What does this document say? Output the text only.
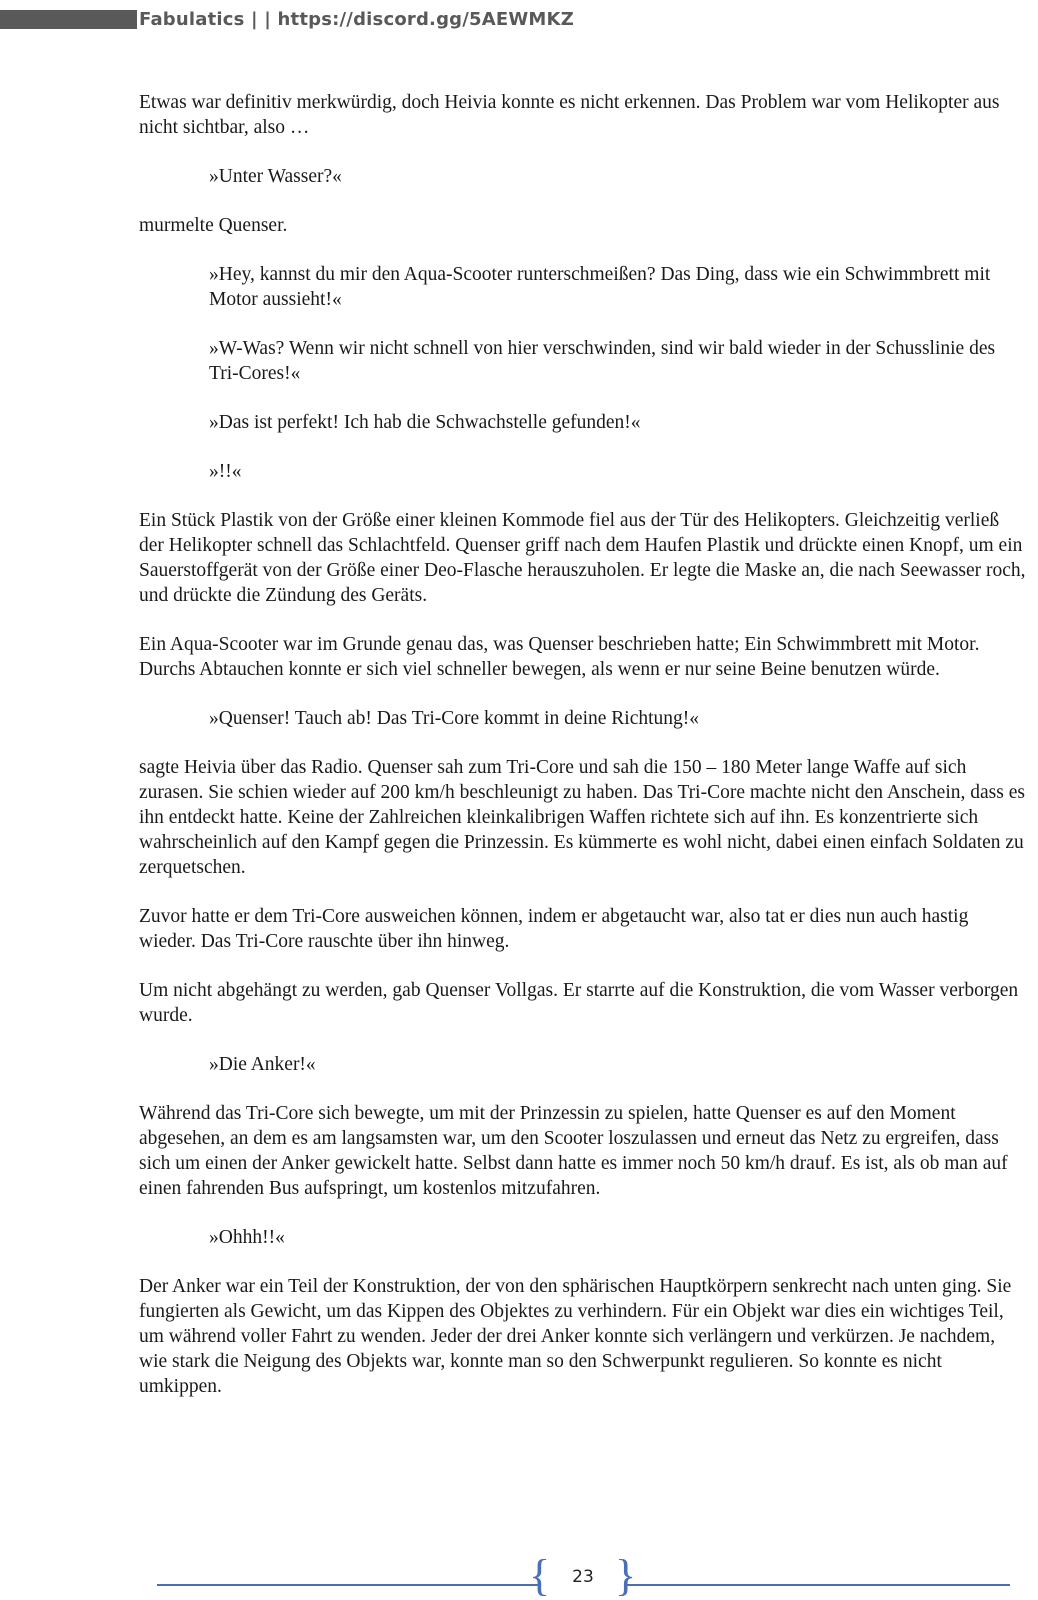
Fabulatics | | https://discord.gg/5AEWMKZ

Etwas war definitiv merkwürdig, doch Heivia konnte es nicht erkennen. Das Problem war vom Helikopter aus nicht sichtbar, also …

»Unter Wasser?«

murmelte Quenser.

»Hey, kannst du mir den Aqua-Scooter runterschmeißen? Das Ding, dass wie ein Schwimmbrett mit Motor aussieht!«

»W-Was? Wenn wir nicht schnell von hier verschwinden, sind wir bald wieder in der Schusslinie des Tri-Cores!«

»Das ist perfekt! Ich hab die Schwachstelle gefunden!«

»!!«

Ein Stück Plastik von der Größe einer kleinen Kommode fiel aus der Tür des Helikopters. Gleichzeitig verließ der Helikopter schnell das Schlachtfeld. Quenser griff nach dem Haufen Plastik und drückte einen Knopf, um ein Sauerstoffgerät von der Größe einer Deo-Flasche herauszuholen. Er legte die Maske an, die nach Seewasser roch, und drückte die Zündung des Geräts.

Ein Aqua-Scooter war im Grunde genau das, was Quenser beschrieben hatte; Ein Schwimmbrett mit Motor. Durchs Abtauchen konnte er sich viel schneller bewegen, als wenn er nur seine Beine benutzen würde.

»Quenser! Tauch ab! Das Tri-Core kommt in deine Richtung!«

sagte Heivia über das Radio. Quenser sah zum Tri-Core und sah die 150 – 180 Meter lange Waffe auf sich zurasen. Sie schien wieder auf 200 km/h beschleunigt zu haben. Das Tri-Core machte nicht den Anschein, dass es ihn entdeckt hatte. Keine der Zahlreichen kleinkalibrigen Waffen richtete sich auf ihn. Es konzentrierte sich wahrscheinlich auf den Kampf gegen die Prinzessin. Es kümmerte es wohl nicht, dabei einen einfach Soldaten zu zerquetschen.

Zuvor hatte er dem Tri-Core ausweichen können, indem er abgetaucht war, also tat er dies nun auch hastig wieder. Das Tri-Core rauschte über ihn hinweg.

Um nicht abgehängt zu werden, gab Quenser Vollgas. Er starrte auf die Konstruktion, die vom Wasser verborgen wurde.

»Die Anker!«

Während das Tri-Core sich bewegte, um mit der Prinzessin zu spielen, hatte Quenser es auf den Moment abgesehen, an dem es am langsamsten war, um den Scooter loszulassen und erneut das Netz zu ergreifen, dass sich um einen der Anker gewickelt hatte. Selbst dann hatte es immer noch 50 km/h drauf. Es ist, als ob man auf einen fahrenden Bus aufspringt, um kostenlos mitzufahren.

»Ohhh!!«

Der Anker war ein Teil der Konstruktion, der von den sphärischen Hauptkörpern senkrecht nach unten ging. Sie fungierten als Gewicht, um das Kippen des Objektes zu verhindern. Für ein Objekt war dies ein wichtiges Teil, um während voller Fahrt zu wenden. Jeder der drei Anker konnte sich verlängern und verkürzen. Je nachdem, wie stark die Neigung des Objekts war, konnte man so den Schwerpunkt regulieren. So konnte es nicht umkippen.

{ }
23
